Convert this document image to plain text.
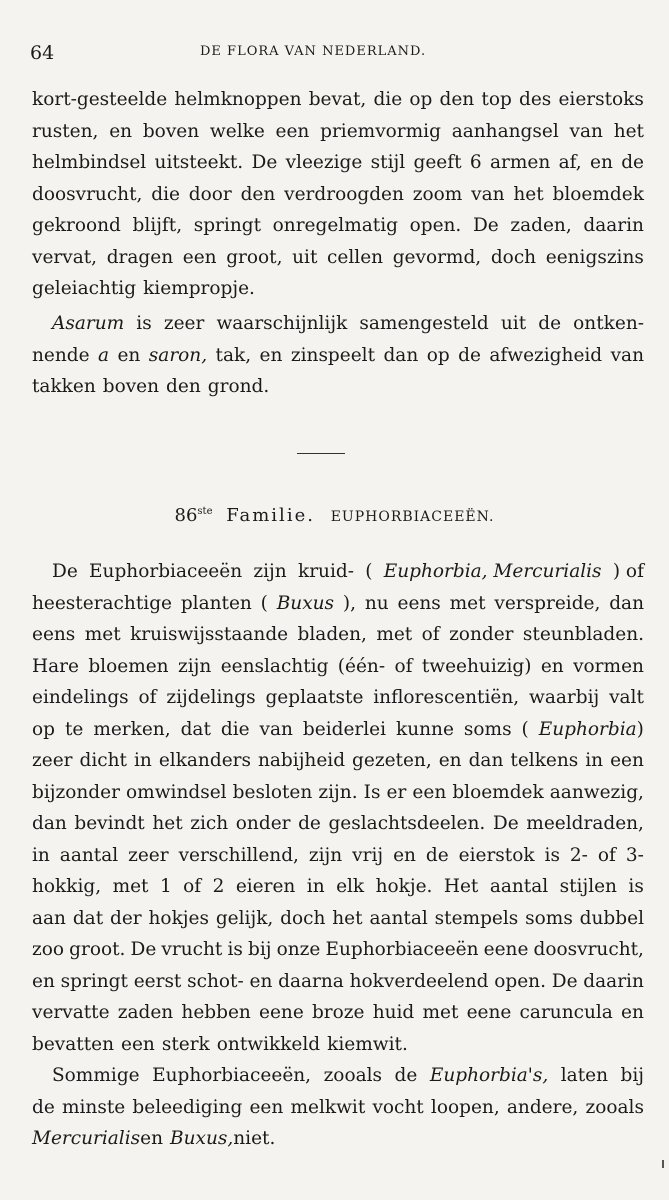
64	DE FLORA VAN NEDERLAND.
kort-gesteelde helmknoppen bevat, die op den top des eierstoks
rusten, en boven welke een priemvormig aanhangsel van het
helmbindsel uitsteekt. De vleezige stijl geeft 6 armen af, en de
doosvrucht, die door den verdroogden zoom van het bloemdek
gekroond blijft, springt onregelmatig open. De zaden, daarin
vervat, dragen een groot, uit cellen gevormd, doch eenigszins
geleiachtig kiempropje.
Asarum is zeer waarschijnlijk samengesteld uit de ontken-
nende a en saron, tak, en zinspeelt dan op de afwezigheid van
takken boven den grond.
86ste Familie. EUPHORBIACEEËN.
De Euphorbiaceeën zijn kruid- ( Euphorbia, Mercurialis ) of
heesterachtige planten ( Buxus ), nu eens met verspreide, dan
eens met kruiswijsstaande bladen, met of zonder steunbladen.
Hare bloemen zijn eenslachtig (één- of tweehuizig) en vormen
eindelings of zijdelings geplaatste inflorescentiën, waarbij valt
op te merken, dat die van beiderlei kunne soms ( Euphorbia)
zeer dicht in elkanders nabijheid gezeten, en dan telkens in een
bijzonder omwindsel besloten zijn. Is er een bloemdek aanwezig,
dan bevindt het zich onder de geslachtsdeelen. De meeldraden,
in aantal zeer verschillend, zijn vrij en de eierstok is 2- of 3-
hokkig, met 1 of 2 eieren in elk hokje. Het aantal stijlen is
aan dat der hokjes gelijk, doch het aantal stempels soms dubbel
zoo groot. De vrucht is bij onze Euphorbiaceeën eene doosvrucht,
en springt eerst schot- en daarna hokverdeelend open. De daarin
vervatte zaden hebben eene broze huid met eene caruncula en
bevatten een sterk ontwikkeld kiemwit.
Sommige Euphorbiaceeën, zooals de Euphorbia's, laten bij
de minste beleediging een melkwit vocht loopen, andere, zooals
Mercurialis en Buxus, niet.
